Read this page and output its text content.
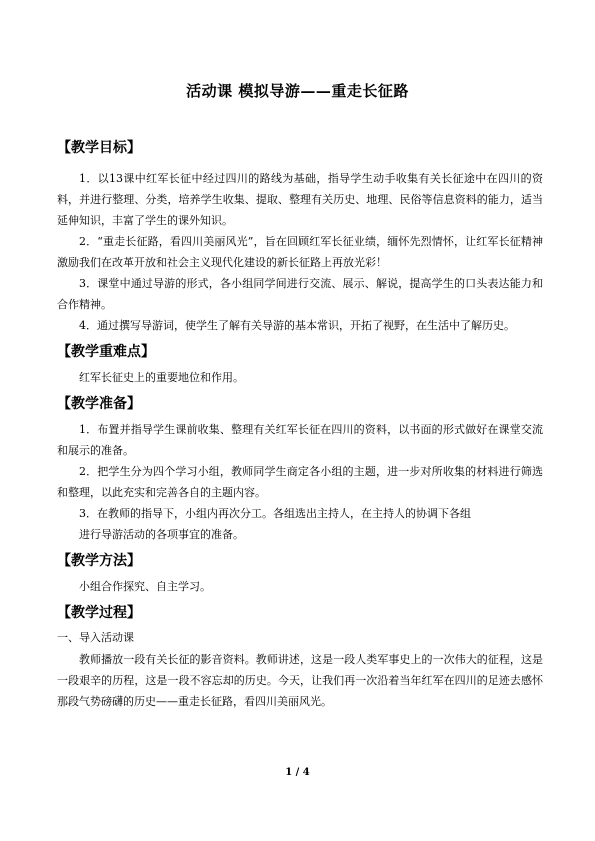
活动课 模拟导游——重走长征路

【教学目标】

1．以13课中红军长征中经过四川的路线为基础，指导学生动手收集有关长征途中在四川的资料，并进行整理、分类，培养学生收集、提取、整理有关历史、地理、民俗等信息资料的能力，适当延伸知识，丰富了学生的课外知识。

2．“重走长征路，看四川美丽风光”，旨在回顾红军长征业绩，缅怀先烈情怀，让红军长征精神激励我们在改革开放和社会主义现代化建设的新长征路上再放光彩！

3．课堂中通过导游的形式，各小组同学间进行交流、展示、解说，提高学生的口头表达能力和合作精神。

4．通过撰写导游词，使学生了解有关导游的基本常识，开拓了视野，在生活中了解历史。

【教学重难点】

红军长征史上的重要地位和作用。

【教学准备】

1．布置并指导学生课前收集、整理有关红军长征在四川的资料，以书面的形式做好在课堂交流和展示的准备。

2．把学生分为四个学习小组，教师同学生商定各小组的主题，进一步对所收集的材料进行筛选和整理，以此充实和完善各自的主题内容。

3．在教师的指导下，小组内再次分工。各组选出主持人，在主持人的协调下各组

进行导游活动的各项事宜的准备。

【教学方法】

小组合作探究、自主学习。

【教学过程】

一、导入活动课

教师播放一段有关长征的影音资料。教师讲述，这是一段人类军事史上的一次伟大的征程，这是一段艰辛的历程，这是一段不容忘却的历史。今天，让我们再一次沿着当年红军在四川的足迹去感怀那段气势磅礴的历史——重走长征路，看四川美丽风光。

1 / 4
